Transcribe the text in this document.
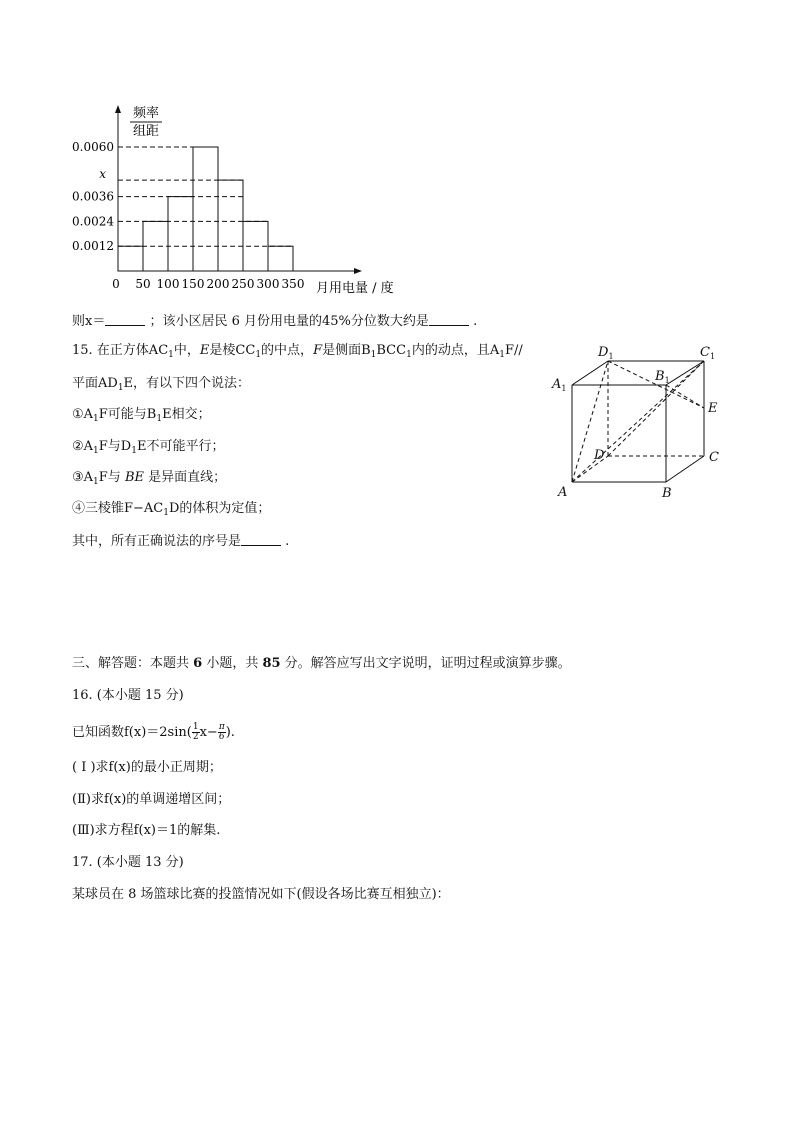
频率
组距
0.0060
x
0.0036
0.0024
0.0012
50 100 150 200 250 300 350
0	月用电量 / 度
则x＝	；该小区居民 6 月份用电量的45%分位数大约是	.
15. 在正方体$AC_1$中，E是棱$CC_1$的中点，F是侧面$B_1BCC_1$内的动点，且$A_1F//$
平面$AD_1E$，有以下四个说法：
$①A_1F$可能与$B_1E$相交；
$②A_1F$与$D_1E$不可能平行；
$③A_1F$与 BE 是异面直线；
④三棱锥$F-AC_1D$的体积为定值；
其中，所有正确说法的序号是	.
$D_1$	$C_1$
$A_1$
$B_1$
E
D	C
A	B
三、解答题：本题共 6 小题，共 85 分。解答应写出文字说明，证明过程或演算步骤。
16. (本小题 15 分)
已知函数$f(x)=2\sin( \frac{1}{2} x- \frac{\pi}{6}$ ).
( Ⅰ )求f(x)的最小正周期；
(Ⅱ)求f(x)的单调递增区间；
(Ⅲ)求方程f(x)＝1的解集.
17. (本小题 13 分)
某球员在 8 场篮球比赛的投篮情况如下(假设各场比赛互相独立)：
